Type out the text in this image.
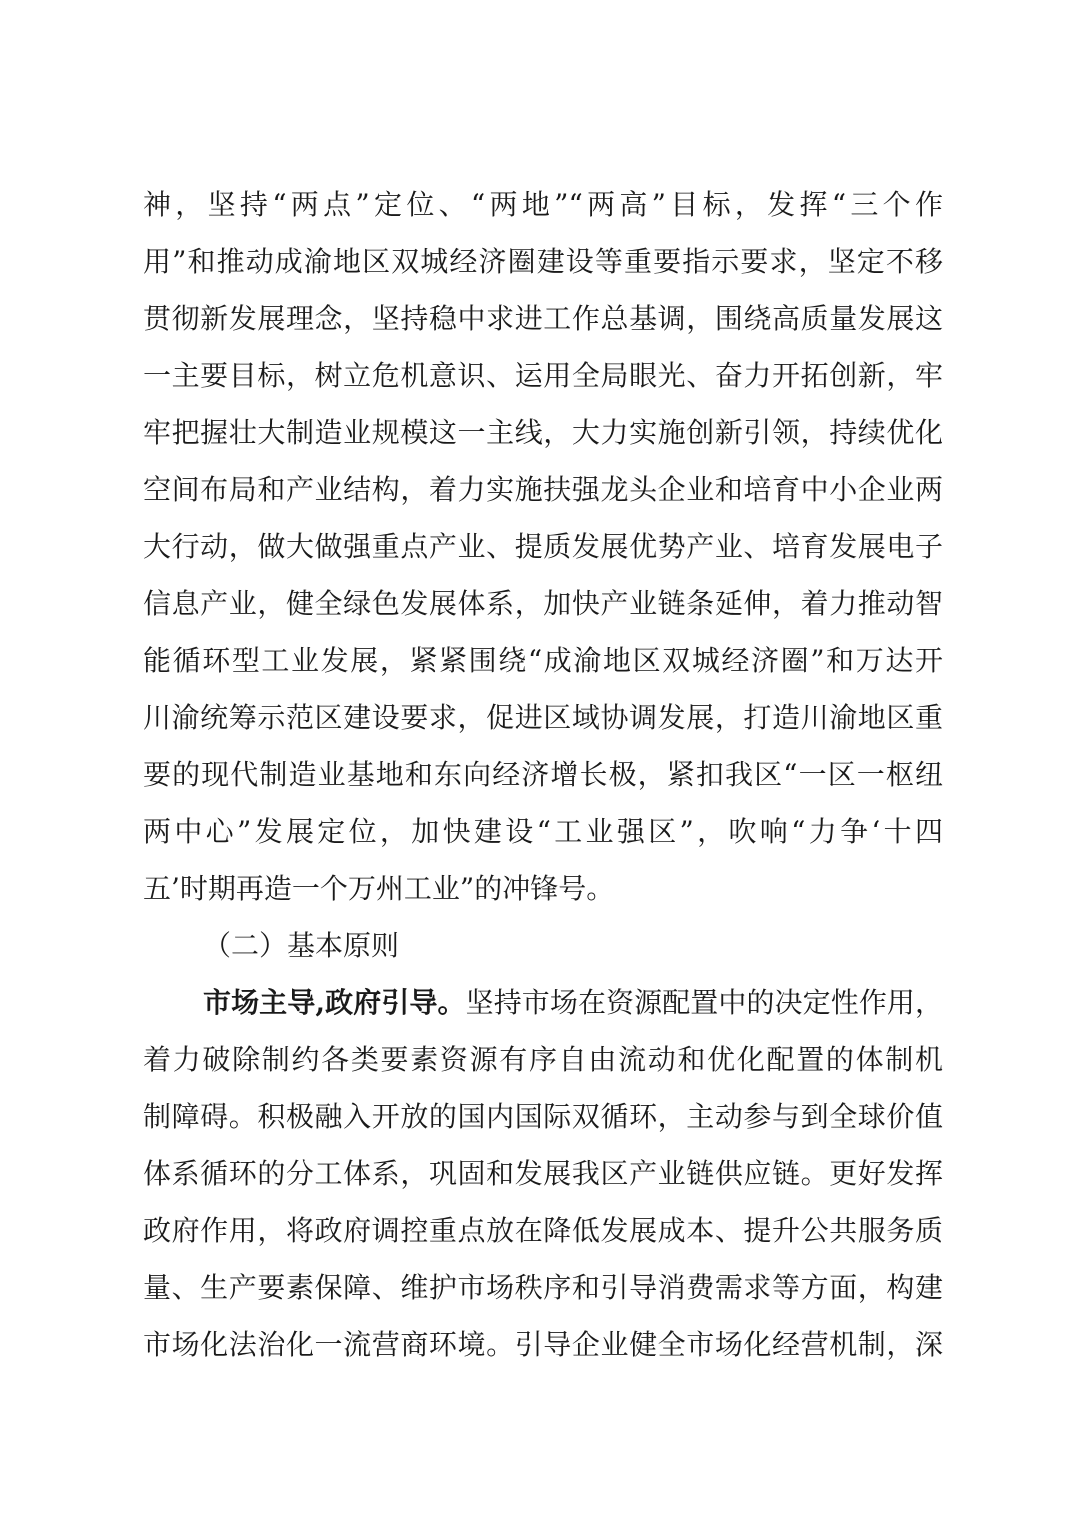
神，坚持“两点”定位、“两地”“两高”目标，发挥“三个作
用”和推动成渝地区双城经济圈建设等重要指示要求，坚定不移
贯彻新发展理念，坚持稳中求进工作总基调，围绕高质量发展这
一主要目标，树立危机意识、运用全局眼光、奋力开拓创新，牢
牢把握壮大制造业规模这一主线，大力实施创新引领，持续优化
空间布局和产业结构，着力实施扶强龙头企业和培育中小企业两
大行动，做大做强重点产业、提质发展优势产业、培育发展电子
信息产业，健全绿色发展体系，加快产业链条延伸，着力推动智
能循环型工业发展，紧紧围绕“成渝地区双城经济圈”和万达开
川渝统筹示范区建设要求，促进区域协调发展，打造川渝地区重
要的现代制造业基地和东向经济增长极，紧扣我区“一区一枢纽
两中心”发展定位，加快建设“工业强区”，吹响“力争‘十四
五’时期再造一个万州工业”的冲锋号。
（二）基本原则
市场主导,政府引导。坚持市场在资源配置中的决定性作用，
着力破除制约各类要素资源有序自由流动和优化配置的体制机
制障碍。积极融入开放的国内国际双循环，主动参与到全球价值
体系循环的分工体系，巩固和发展我区产业链供应链。更好发挥
政府作用，将政府调控重点放在降低发展成本、提升公共服务质
量、生产要素保障、维护市场秩序和引导消费需求等方面，构建
市场化法治化一流营商环境。引导企业健全市场化经营机制，深
